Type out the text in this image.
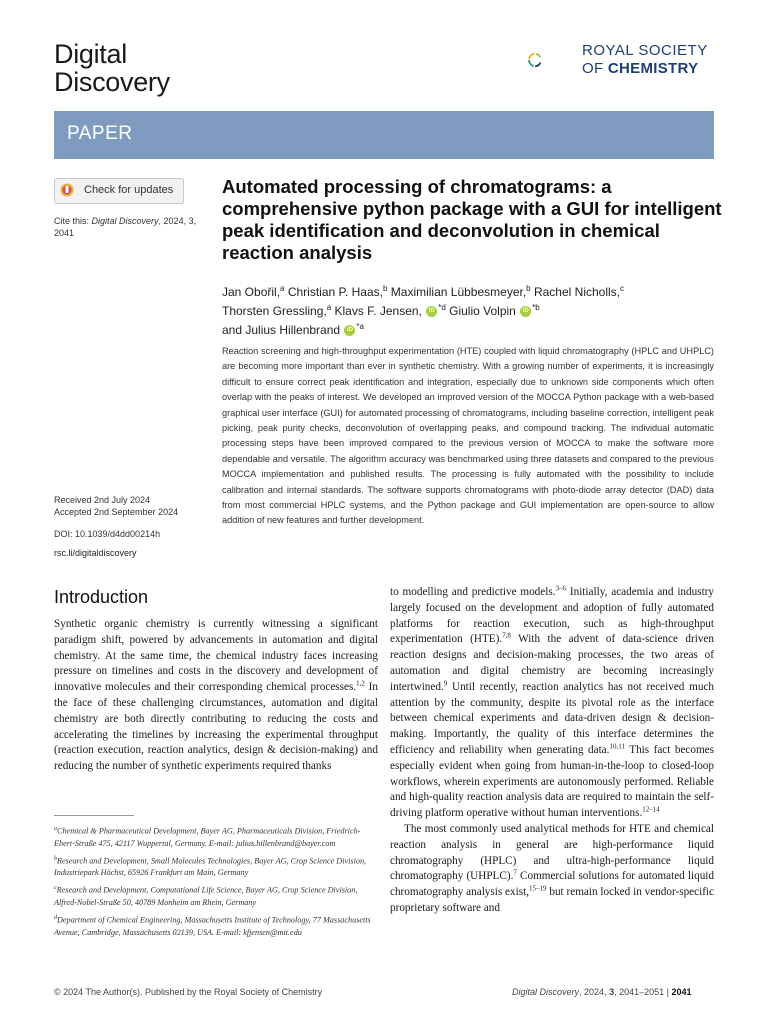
Digital
Discovery
ROYAL SOCIETY
OF CHEMISTRY
PAPER
Check for updates
Cite this: Digital Discovery, 2024, 3, 2041
Automated processing of chromatograms: a comprehensive python package with a GUI for intelligent peak identification and deconvolution in chemical reaction analysis
Jan Obořil,$^a$ Christian P. Haas,$^b$ Maximilian Lübbesmeyer,$^b$ Rachel Nicholls,$^c$
Thorsten Gressling,$^a$ Klavs F. Jensen, iD $^{*d}$ Giulio Volpin iD $^{*b}$
and Julius Hillenbrand iD $^{*a}$
Reaction screening and high-throughput experimentation (HTE) coupled with liquid chromatography (HPLC and UHPLC) are becoming more important than ever in synthetic chemistry. With a growing number of experiments, it is increasingly difficult to ensure correct peak identification and integration, especially due to unknown side components which often overlap with the peaks of interest. We developed an improved version of the MOCCA Python package with a web-based graphical user interface (GUI) for automated processing of chromatograms, including baseline correction, intelligent peak picking, peak purity checks, deconvolution of overlapping peaks, and compound tracking. The individual automatic processing steps have been improved compared to the previous version of MOCCA to make the software more dependable and versatile. The algorithm accuracy was benchmarked using three datasets and compared to the previous MOCCA implementation and published results. The processing is fully automated with the possibility to include calibration and internal standards. The software supports chromatograms with photo-diode array detector (DAD) data from most commercial HPLC systems, and the Python package and GUI implementation are open-source to allow addition of new features and further development.
Received 2nd July 2024
Accepted 2nd September 2024
DOI: 10.1039/d4dd00214h
rsc.li/digitaldiscovery
Introduction

Synthetic organic chemistry is currently witnessing a significant paradigm shift, powered by advancements in automation and digital chemistry. At the same time, the chemical industry faces increasing pressure on timelines and costs in the discovery and development of innovative molecules and their corresponding chemical processes.$^{1,2}$ In the face of these challenging circumstances, automation and digital chemistry are both directly contributing to reducing the costs and accelerating the timelines by increasing the experimental throughput (reaction execution, reaction analytics, design & decision-making) and reducing the number of synthetic experiments required thanks

to modelling and predictive models.$^{3-6}$ Initially, academia and industry largely focused on the development and adoption of fully automated platforms for reaction execution, such as high-throughput experimentation (HTE).$^{7,8}$ With the advent of data-science driven reaction designs and decision-making processes, the two areas of automation and digital chemistry are becoming increasingly intertwined.$^9$ Until recently, reaction analytics has not received much attention by the community, despite its pivotal role as the interface between chemical experiments and data-driven design & decision-making. Importantly, the quality of this interface determines the efficiency and reliability when generating data.$^{10,11}$ This fact becomes especially evident when going from human-in-the-loop to closed-loop workflows, wherein experiments are autonomously performed. Reliable and high-quality reaction analysis data are required to maintain the self-driving platform operative without human interventions.$^{12-14}$

The most commonly used analytical methods for HTE and chemical reaction analysis in general are high-performance liquid chromatography (HPLC) and ultra-high-performance liquid chromatography (UHPLC).$^7$ Commercial solutions for automated liquid chromatography analysis exist,$^{15-19}$ but remain locked in vendor-specific proprietary software and

$^a$Chemical & Pharmaceutical Development, Bayer AG, Pharmaceuticals Division, Friedrich-Ebert-Straße 475, 42117 Wuppertal, Germany. E-mail: julius.hillenbrand@bayer.com

$^b$Research and Development, Small Molecules Technologies, Bayer AG, Crop Science Division, Industriepark Höchst, 65926 Frankfurt am Main, Germany

$^c$Research and Development, Computational Life Science, Bayer AG, Crop Science Division, Alfred-Nobel-Straße 50, 40789 Monheim am Rhein, Germany

$^d$Department of Chemical Engineering, Massachusetts Institute of Technology, 77 Massachusetts Avenue, Cambridge, Massachusetts 02139, USA. E-mail: kfjensen@mit.edu

© 2024 The Author(s). Published by the Royal Society of Chemistry	Digital Discovery, 2024, 3, 2041–2051 | 2041
